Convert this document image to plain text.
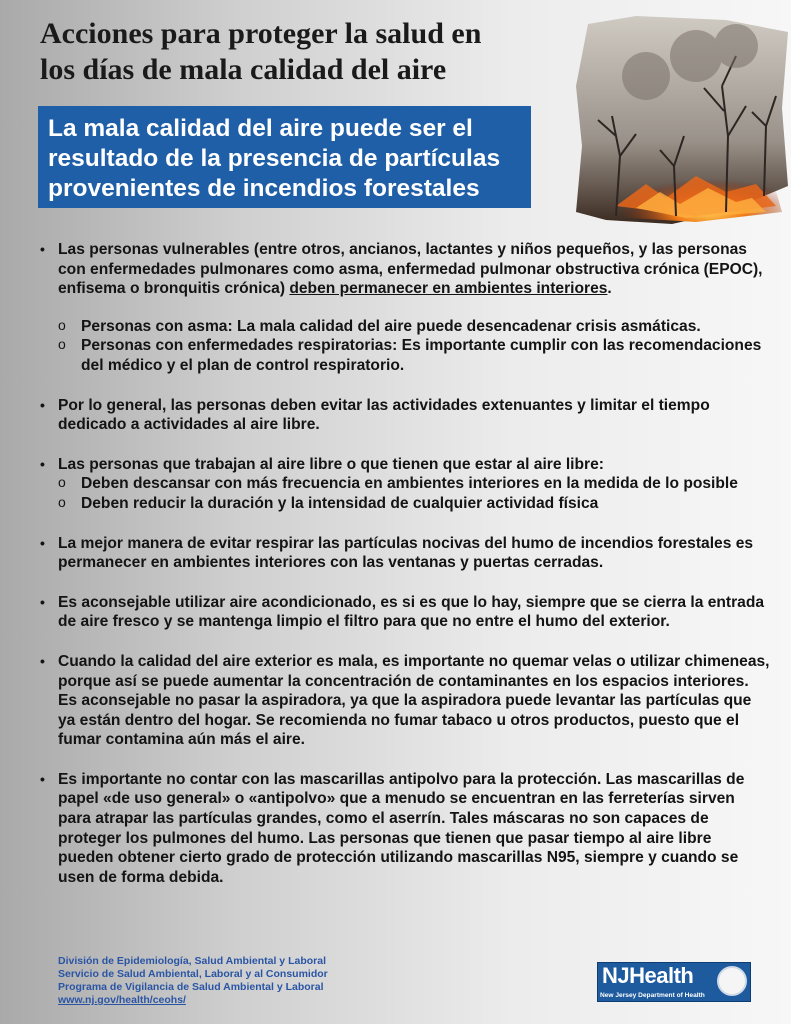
Acciones para proteger la salud en
los días de mala calidad del aire
La mala calidad del aire puede ser el
resultado de la presencia de partículas
provenientes de incendios forestales

• Las personas vulnerables (entre otros, ancianos, lactantes y niños pequeños, y las personas con enfermedades pulmonares como asma, enfermedad pulmonar obstructiva crónica (EPOC), enfisema o bronquitis crónica) deben permanecer en ambientes interiores.

o Personas con asma: La mala calidad del aire puede desencadenar crisis asmáticas.

o Personas con enfermedades respiratorias: Es importante cumplir con las recomendaciones del médico y el plan de control respiratorio.

• Por lo general, las personas deben evitar las actividades extenuantes y limitar el tiempo dedicado a actividades al aire libre.

• Las personas que trabajan al aire libre o que tienen que estar al aire libre:

o Deben descansar con más frecuencia en ambientes interiores en la medida de lo posible

o Deben reducir la duración y la intensidad de cualquier actividad física

• La mejor manera de evitar respirar las partículas nocivas del humo de incendios forestales es permanecer en ambientes interiores con las ventanas y puertas cerradas.

• Es aconsejable utilizar aire acondicionado, es si es que lo hay, siempre que se cierra la entrada de aire fresco y se mantenga limpio el filtro para que no entre el humo del exterior.

• Cuando la calidad del aire exterior es mala, es importante no quemar velas o utilizar chimeneas, porque así se puede aumentar la concentración de contaminantes en los espacios interiores. Es aconsejable no pasar la aspiradora, ya que la aspiradora puede levantar las partículas que ya están dentro del hogar. Se recomienda no fumar tabaco u otros productos, puesto que el fumar contamina aún más el aire.

• Es importante no contar con las mascarillas antipolvo para la protección. Las mascarillas de papel «de uso general» o «antipolvo» que a menudo se encuentran en las ferreterías sirven para atrapar las partículas grandes, como el aserrín. Tales máscaras no son capaces de proteger los pulmones del humo. Las personas que tienen que pasar tiempo al aire libre pueden obtener cierto grado de protección utilizando mascarillas N95, siempre y cuando se usen de forma debida.

División de Epidemiología, Salud Ambiental y Laboral
Servicio de Salud Ambiental, Laboral y al Consumidor
Programa de Vigilancia de Salud Ambiental y Laboral
www.nj.gov/health/ceohs/
NJHealth
New Jersey Department of Health
